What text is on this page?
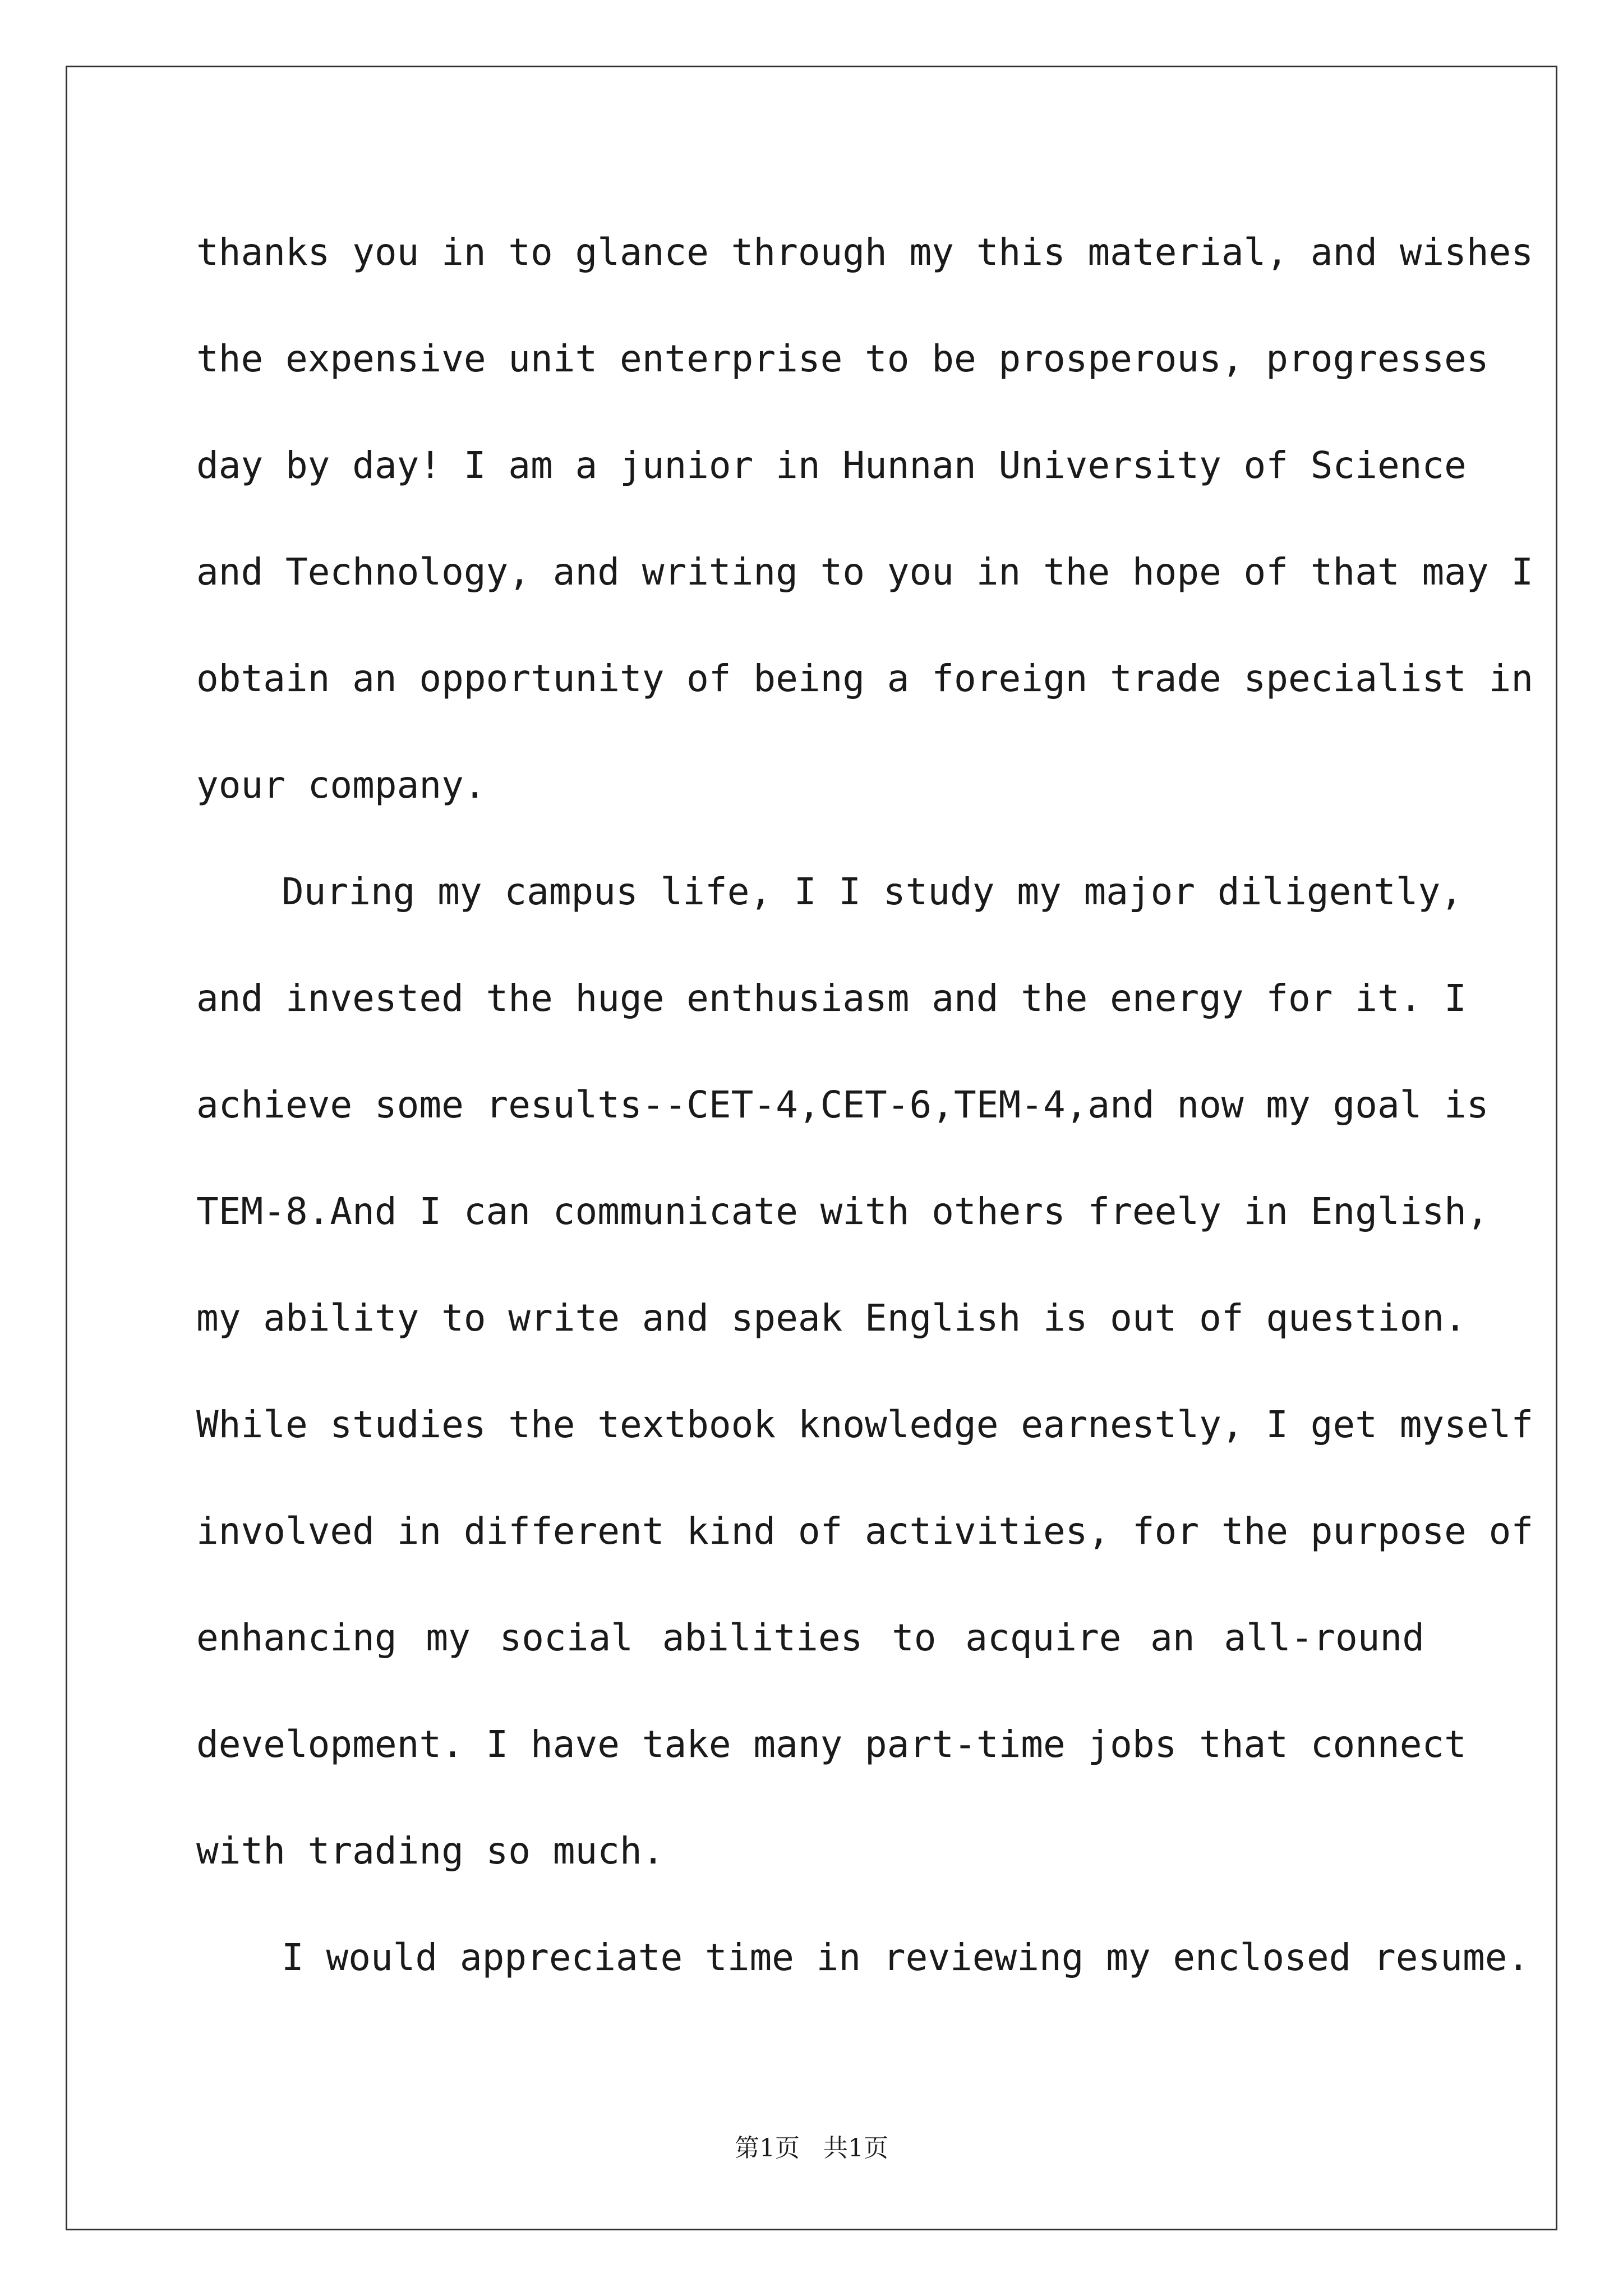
thanks you in to glance through my this material, and wishes

the expensive unit enterprise to be prosperous, progresses

day by day! I am a junior in Hunnan University of Science

and Technology, and writing to you in the hope of that may I

obtain an opportunity of being a foreign trade specialist in

your company.

During my campus life, I I study my major diligently,

and invested the huge enthusiasm and the energy for it. I

achieve some results--CET-4,CET-6,TEM-4,and now my goal is

TEM-8.And I can communicate with others freely in English,

my ability to write and speak English is out of question.

While studies the textbook knowledge earnestly, I get myself

involved in different kind of activities, for the purpose of

enhancing my social abilities to acquire an all-round

development. I have take many part-time jobs that connect

with trading so much.

I would appreciate time in reviewing my enclosed resume.

第1页   共1页
